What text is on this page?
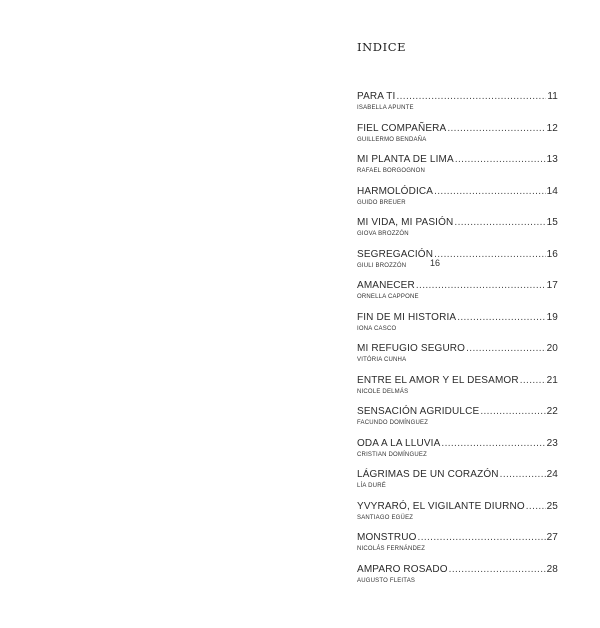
INDICE
PARA TI . . .	11
ISABELLA APUNTE
FIEL COMPAÑERA . . .	12
GUILLERMO BENDAÑA
MI PLANTA DE LIMA . . .	13
RAFAEL BORGOGNON
HARMOLÓDICA . . .	14
GUIDO BREUER
MI VIDA, MI PASIÓN . . .	15
GIOVA BROZZÓN
SEGREGACIÓN . . .	16
GIULI BROZZÓN
AMANECER . . .	17
ORNELLA CAPPONE
FIN DE MI HISTORIA . . .	19
IONA CASCO
MI REFUGIO SEGURO . . .	20
VITÓRIA CUNHA
ENTRE EL AMOR Y EL DESAMOR . . .	21
NICOLE DELMÁS
SENSACIÓN AGRIDULCE . . .	22
FACUNDO DOMÍNGUEZ
ODA A LA LLUVIA . . .	23
CRISTIAN DOMÍNGUEZ
LÁGRIMAS DE UN CORAZÓN . . .	24
LÍA DURÉ
YVYRARÓ, EL VIGILANTE DIURNO . . . 25
SANTIAGO EGÜEZ
MONSTRUO . . .	27
NICOLÁS FERNÁNDEZ
AMPARO ROSADO . . .	28
AUGUSTO FLEITAS
16
